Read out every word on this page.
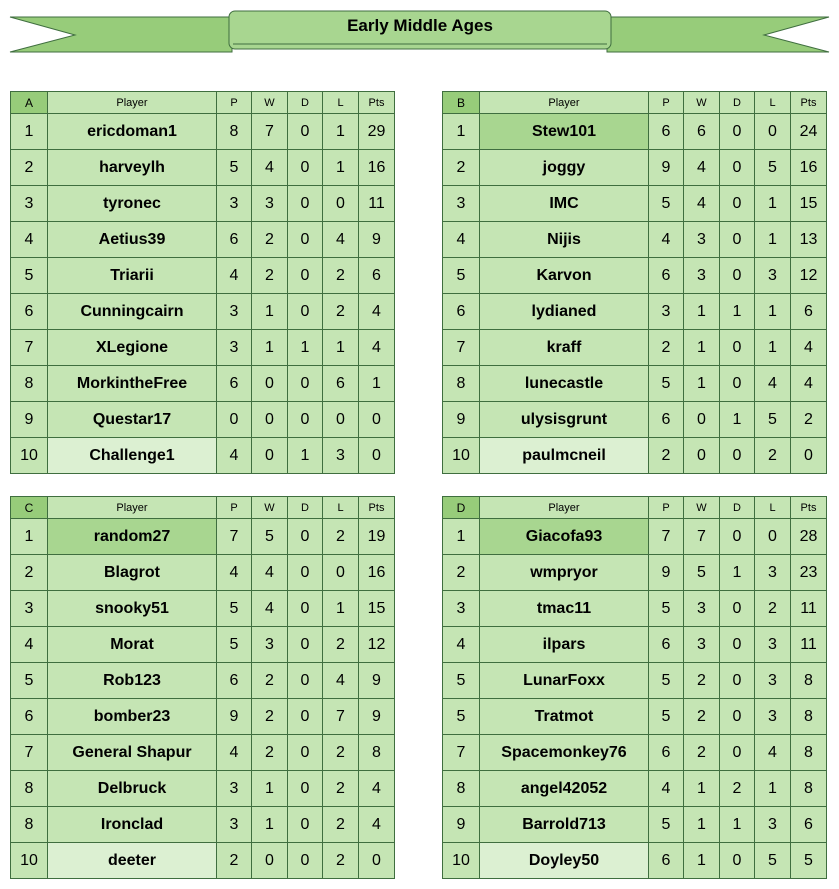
Early Middle Ages
A	Player	P	W	D	L	Pts
1	ericdoman1	8	7	0	1	29
2	harveylh	5	4	0	1	16
3	tyronec	3	3	0	0	11
4	Aetius39	6	2	0	4	9
5	Triarii	4	2	0	2	6
6	Cunningcairn	3	1	0	2	4
7	XLegione	3	1	1	1	4
8	MorkintheFree	6	0	0	6	1
9	Questar17	0	0	0	0	0
10	Challenge1	4	0	1	3	0
B	Player	P	W	D	L	Pts
1	Stew101	6	6	0	0	24
2	joggy	9	4	0	5	16
3	IMC	5	4	0	1	15
4	Nijis	4	3	0	1	13
5	Karvon	6	3	0	3	12
6	lydianed	3	1	1	1	6
7	kraff	2	1	0	1	4
8	lunecastle	5	1	0	4	4
9	ulysisgrunt	6	0	1	5	2
10	paulmcneil	2	0	0	2	0
C	Player	P	W	D	L	Pts
1	random27	7	5	0	2	19
2	Blagrot	4	4	0	0	16
3	snooky51	5	4	0	1	15
4	Morat	5	3	0	2	12
5	Rob123	6	2	0	4	9
6	bomber23	9	2	0	7	9
7	General Shapur	4	2	0	2	8
8	Delbruck	3	1	0	2	4
8	Ironclad	3	1	0	2	4
10	deeter	2	0	0	2	0
D	Player	P	W	D	L	Pts
1	Giacofa93	7	7	0	0	28
2	wmpryor	9	5	1	3	23
3	tmac11	5	3	0	2	11
4	ilpars	6	3	0	3	11
5	LunarFoxx	5	2	0	3	8
5	Tratmot	5	2	0	3	8
7	Spacemonkey76	6	2	0	4	8
8	angel42052	4	1	2	1	8
9	Barrold713	5	1	1	3	6
10	Doyley50	6	1	0	5	5
